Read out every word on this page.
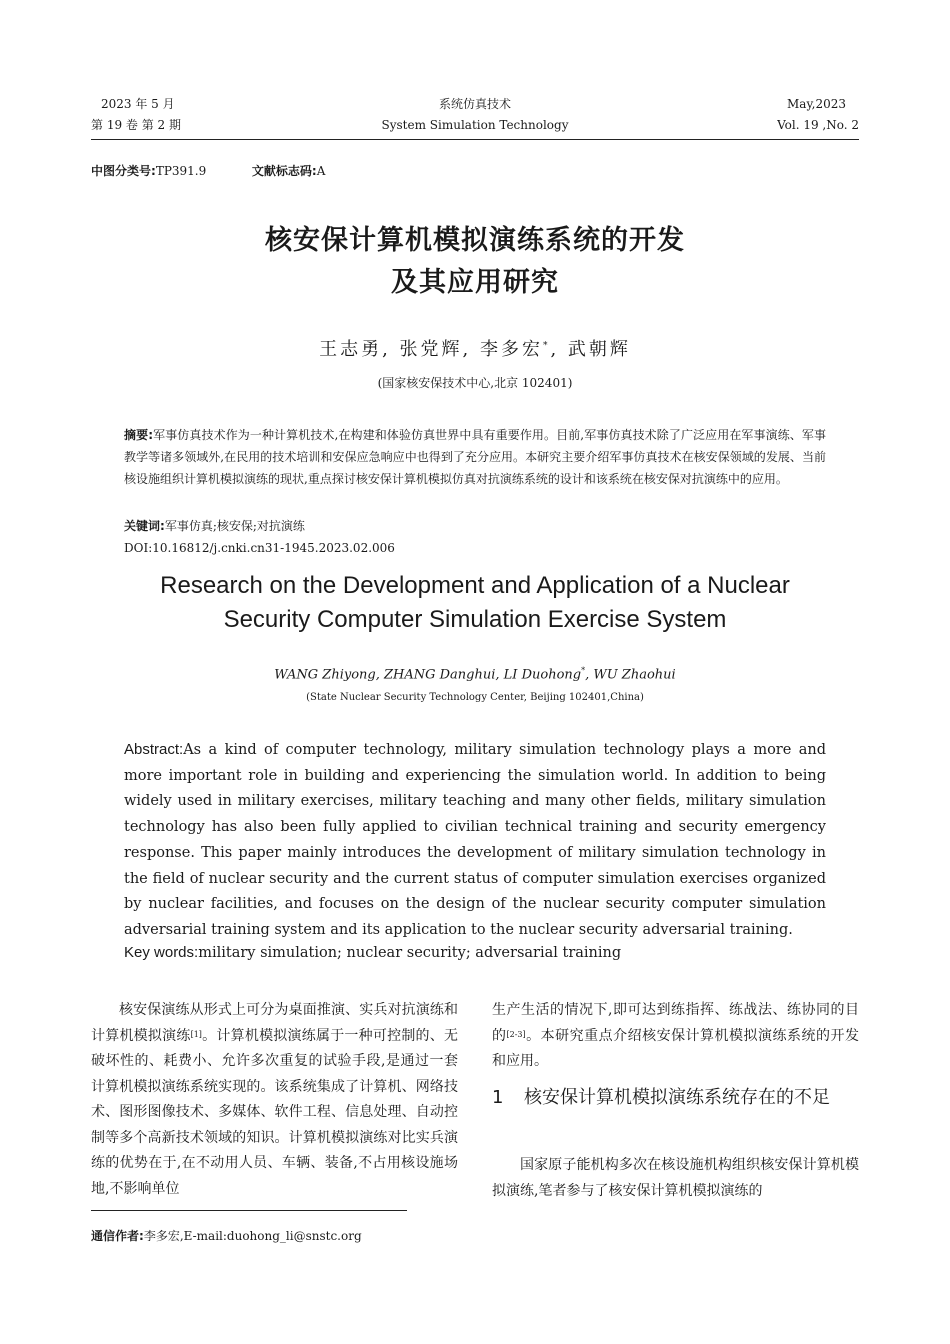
2023 年 5 月
第 19 卷 第 2 期
系统仿真技术
System Simulation Technology
May,2023
Vol. 19 ,No. 2
中图分类号:TP391.9	文献标志码:A
核安保计算机模拟演练系统的开发
及其应用研究
王志勇, 张党辉, 李多宏*, 武朝辉
(国家核安保技术中心,北京 102401)
摘要:军事仿真技术作为一种计算机技术,在构建和体验仿真世界中具有重要作用。目前,军事仿真技术除了广泛应用在军事演练、军事教学等诸多领域外,在民用的技术培训和安保应急响应中也得到了充分应用。本研究主要介绍军事仿真技术在核安保领域的发展、当前核设施组织计算机模拟演练的现状,重点探讨核安保计算机模拟仿真对抗演练系统的设计和该系统在核安保对抗演练中的应用。
关键词:军事仿真;核安保;对抗演练
DOI:10.16812/j.cnki.cn31-1945.2023.02.006
Research on the Development and Application of a Nuclear
Security Computer Simulation Exercise System
WANG Zhiyong, ZHANG Danghui, LI Duohong*, WU Zhaohui
(State Nuclear Security Technology Center, Beijing 102401,China)
Abstract:As a kind of computer technology, military simulation technology plays a more and more important role in building and experiencing the simulation world. In addition to being widely used in military exercises, military teaching and many other fields, military simulation technology has also been fully applied to civilian technical training and security emergency response. This paper mainly introduces the development of military simulation technology in the field of nuclear security and the current status of computer simulation exercises organized by nuclear facilities, and focuses on the design of the nuclear security computer simulation adversarial training system and its application to the nuclear security adversarial training.
Key words:military simulation; nuclear security; adversarial training
核安保演练从形式上可分为桌面推演、实兵对抗演练和计算机模拟演练[1]。计算机模拟演练属于一种可控制的、无破坏性的、耗费小、允许多次重复的试验手段,是通过一套计算机模拟演练系统实现的。该系统集成了计算机、网络技术、图形图像技术、多媒体、软件工程、信息处理、自动控制等多个高新技术领域的知识。计算机模拟演练对比实兵演练的优势在于,在不动用人员、车辆、装备,不占用核设施场地,不影响单位
生产生活的情况下,即可达到练指挥、练战法、练协同的目的[2-3]。本研究重点介绍核安保计算机模拟演练系统的开发和应用。
1 核安保计算机模拟演练系统存在的不足
国家原子能机构多次在核设施机构组织核安保计算机模拟演练,笔者参与了核安保计算机模拟演练的
通信作者:李多宏,E-mail:duohong_li@snstc.org
